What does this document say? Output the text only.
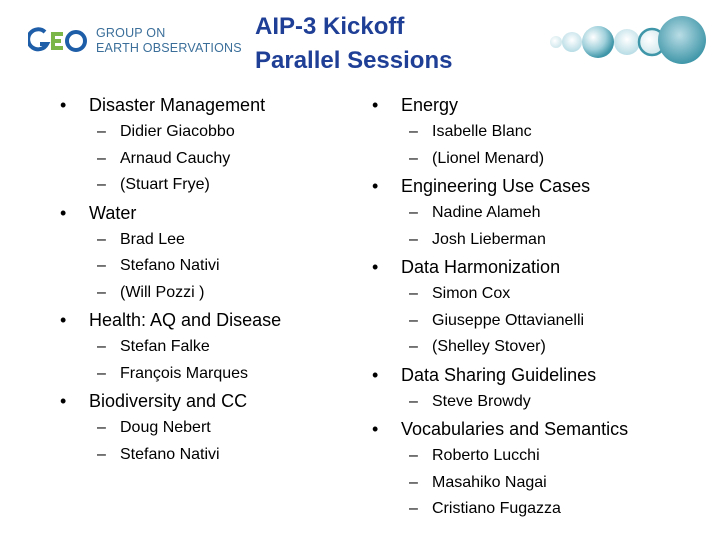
GROUP ON
EARTH OBSERVATIONS
AIP-3 Kickoff
Parallel Sessions
•	Disaster Management
– Didier Giacobbo
– Arnaud Cauchy
– (Stuart Frye)
•	Water
– Brad Lee
– Stefano Nativi
– (Will Pozzi )
•	Health: AQ and Disease
– Stefan Falke
– François Marques
•	Biodiversity and CC
– Doug Nebert
– Stefano Nativi
•	Energy
– Isabelle Blanc
– (Lionel Menard)
•	Engineering Use Cases
– Nadine Alameh
– Josh Lieberman
•	Data Harmonization
– Simon Cox
– Giuseppe Ottavianelli
– (Shelley Stover)
•	Data Sharing Guidelines
– Steve Browdy
•	Vocabularies and Semantics
– Roberto Lucchi
– Masahiko Nagai
– Cristiano Fugazza
